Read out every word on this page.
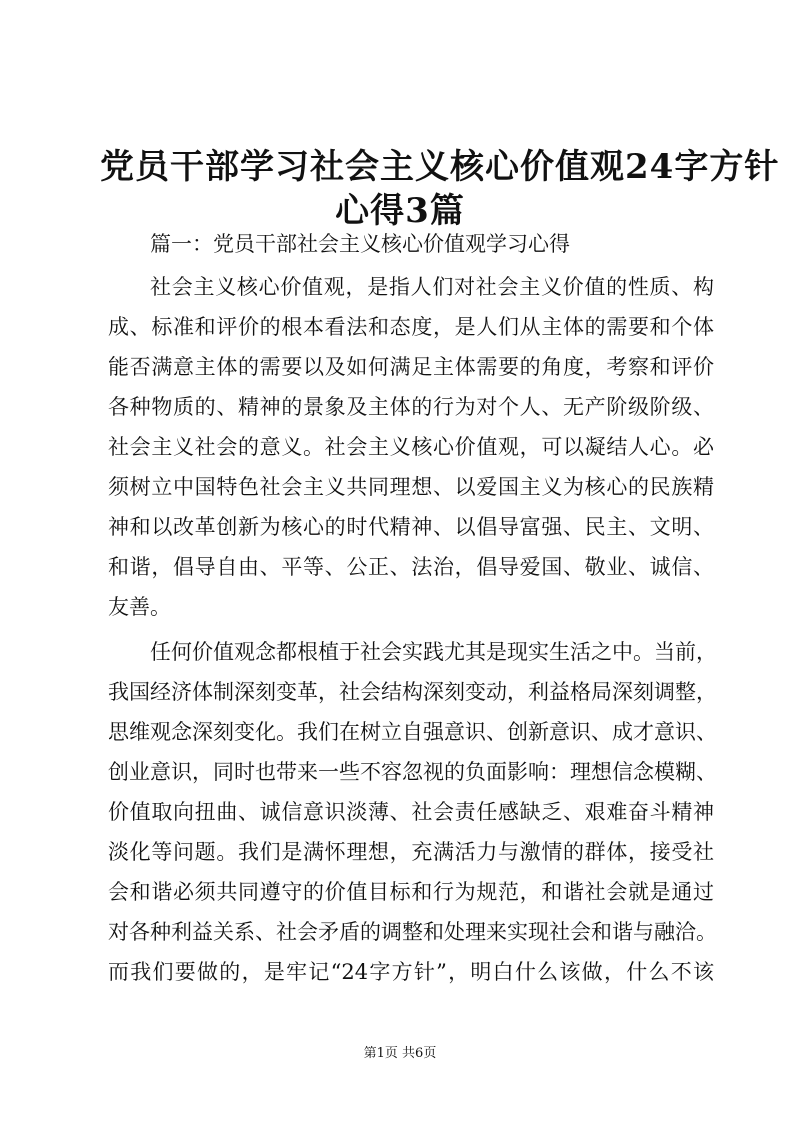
党员干部学习社会主义核心价值观24字方针
心得3篇
篇一：党员干部社会主义核心价值观学习心得
社会主义核心价值观，是指人们对社会主义价值的性质、构
成、标准和评价的根本看法和态度，是人们从主体的需要和个体
能否满意主体的需要以及如何满足主体需要的角度，考察和评价
各种物质的、精神的景象及主体的行为对个人、无产阶级阶级、
社会主义社会的意义。社会主义核心价值观，可以凝结人心。必
须树立中国特色社会主义共同理想、以爱国主义为核心的民族精
神和以改革创新为核心的时代精神、以倡导富强、民主、文明、
和谐，倡导自由、平等、公正、法治，倡导爱国、敬业、诚信、
友善。
任何价值观念都根植于社会实践尤其是现实生活之中。当前，
我国经济体制深刻变革，社会结构深刻变动，利益格局深刻调整，
思维观念深刻变化。我们在树立自强意识、创新意识、成才意识、
创业意识，同时也带来一些不容忽视的负面影响：理想信念模糊、
价值取向扭曲、诚信意识淡薄、社会责任感缺乏、艰难奋斗精神
淡化等问题。我们是满怀理想，充满活力与激情的群体，接受社
会和谐必须共同遵守的价值目标和行为规范，和谐社会就是通过
对各种利益关系、社会矛盾的调整和处理来实现社会和谐与融洽。
而我们要做的，是牢记“24字方针”，明白什么该做，什么不该
第1页 共6页
